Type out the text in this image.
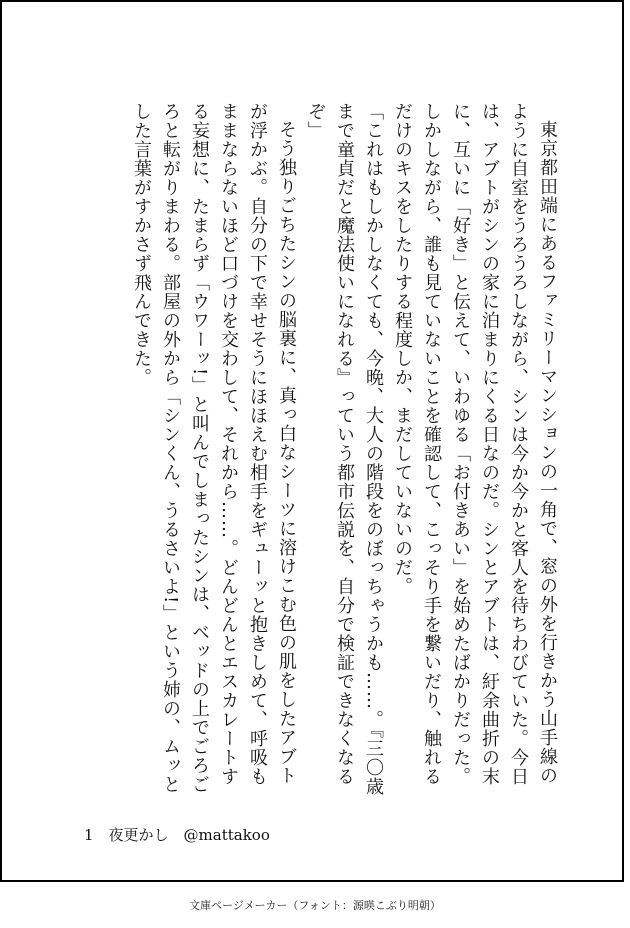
東京都田端にあるファミリーマンションの一角で、窓の外を行きかう山手線のように自室をうろうろしながら、シンは今か今かと客人を待ちわびていた。今日は、アブトがシンの家に泊まりにくる日なのだ。シンとアブトは、紆余曲折の末に、互いに「好き」と伝えて、いわゆる「お付きあい」を始めたばかりだった。しかしながら、誰も見ていないことを確認して、こっそり手を繋いだり、触れるだけのキスをしたりする程度しか、まだしていないのだ。

「これはもしかしなくても、今晩、大人の階段をのぼっちゃうかも……。『三〇歳まで童貞だと魔法使いになれる』っていう都市伝説を、自分で検証できなくなるぞ」

そう独りごちたシンの脳裏に、真っ白なシーツに溶けこむ色の肌をしたアブトが浮かぶ。自分の下で幸せそうにほほえむ相手をギューッと抱きしめて、呼吸もままならないほど口づけを交わして、それから……。どんどんとエスカレートする妄想に、たまらず「ウワーッ!」と叫んでしまったシンは、ベッドの上でごろごろと転がりまわる。部屋の外から「シンくん、うるさいよ!」という姉の、ムッとした言葉がすかさず飛んできた。

1　夜更かし　@mattakoo
文庫ページメーカー（フォント：源暎こぶり明朝）
